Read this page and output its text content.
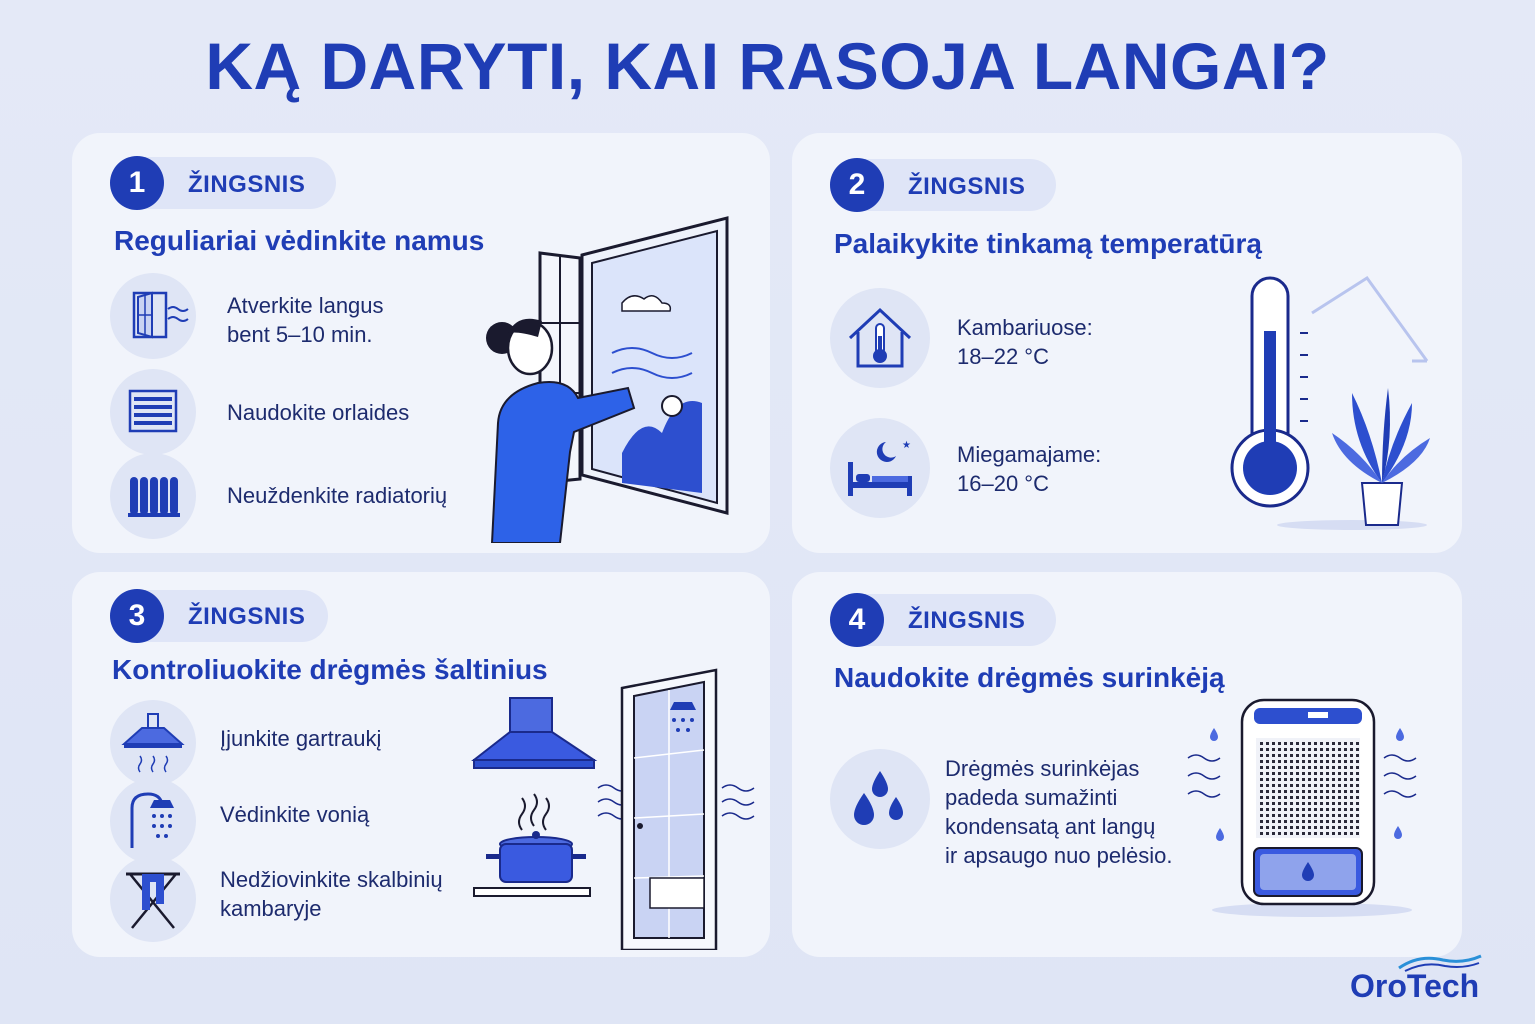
KĄ DARYTI, KAI RASOJA LANGAI?
1	ŽINGSNIS
Reguliariai vėdinkite namus
Atverkite langus
bent 5–10 min.
Naudokite orlaides
Neuždenkite radiatorių
2	ŽINGSNIS
Palaikykite tinkamą temperatūrą
Kambariuose:
18–22 °C
★ Miegamajame:
16–20 °C
3	ŽINGSNIS
Kontroliuokite drėgmės šaltinius
Įjunkite gartraukį
Vėdinkite vonią
Nedžiovinkite skalbinių
kambaryje
4	ŽINGSNIS
Naudokite drėgmės surinkėją
Drėgmės surinkėjas
padeda sumažinti
kondensatą ant langų
ir apsaugo nuo pelėsio.
OroTech
